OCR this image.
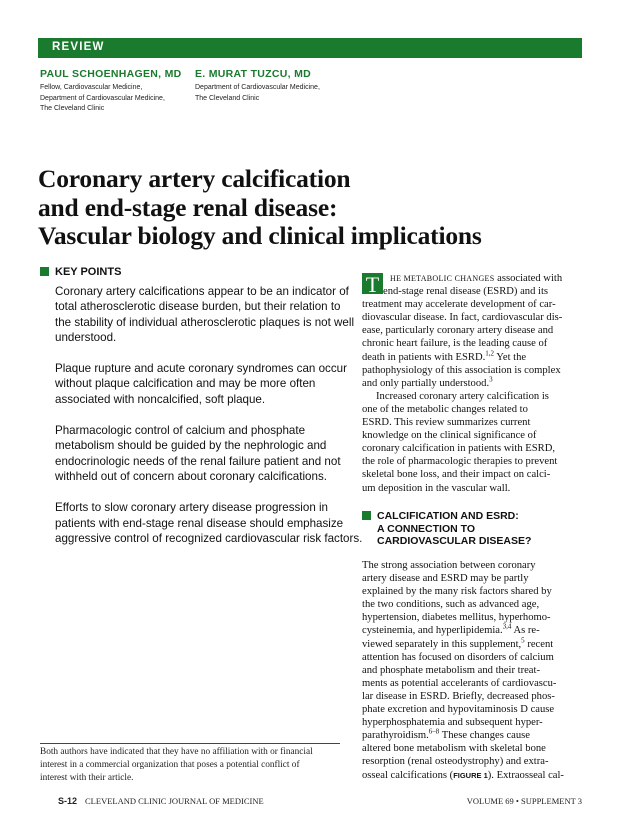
REVIEW
PAUL SCHOENHAGEN, MD
Fellow, Cardiovascular Medicine,
Department of Cardiovascular Medicine,
The Cleveland Clinic
E. MURAT TUZCU, MD
Department of Cardiovascular Medicine,
The Cleveland Clinic
Coronary artery calcification
and end-stage renal disease:
Vascular biology and clinical implications
KEY POINTS
Coronary artery calcifications appear to be an indicator of
total atherosclerotic disease burden, but their relation to
the stability of individual atherosclerotic plaques is not well
understood.
Plaque rupture and acute coronary syndromes can occur
without plaque calcification and may be more often
associated with noncalcified, soft plaque.
Pharmacologic control of calcium and phosphate
metabolism should be guided by the nephrologic and
endocrinologic needs of the renal failure patient and not
withheld out of concern about coronary calcifications.
Efforts to slow coronary artery disease progression in
patients with end-stage renal disease should emphasize
aggressive control of recognized cardiovascular risk factors.
Both authors have indicated that they have no affiliation with or financial
interest in a commercial organization that poses a potential conflict of
interest with their article.
T	HE METABOLIC CHANGES associated with
end-stage renal disease (ESRD) and its
treatment may accelerate development of car-
diovascular disease. In fact, cardiovascular dis-
ease, particularly coronary artery disease and
chronic heart failure, is the leading cause of
death in patients with ESRD.$^{1,2}$ Yet the
pathophysiology of this association is complex
and only partially understood.$^3$
Increased coronary artery calcification is
one of the metabolic changes related to
ESRD. This review summarizes current
knowledge on the clinical significance of
coronary calcification in patients with ESRD,
the role of pharmacologic therapies to prevent
skeletal bone loss, and their impact on calci-
um deposition in the vascular wall.
CALCIFICATION AND ESRD:
A CONNECTION TO
CARDIOVASCULAR DISEASE?
The strong association between coronary
artery disease and ESRD may be partly
explained by the many risk factors shared by
the two conditions, such as advanced age,
hypertension, diabetes mellitus, hyperhomo-
cysteinemia, and hyperlipidemia.$^{3,4}$ As re-
viewed separately in this supplement,$^5$ recent
attention has focused on disorders of calcium
and phosphate metabolism and their treat-
ments as potential accelerants of cardiovascu-
lar disease in ESRD. Briefly, decreased phos-
phate excretion and hypovitaminosis D cause
hyperphosphatemia and subsequent hyper-
parathyroidism.$^{6-8}$ These changes cause
altered bone metabolism with skeletal bone
resorption (renal osteodystrophy) and extra-
osseal calcifications (FIGURE 1). Extraosseal cal-
S-12 CLEVELAND CLINIC JOURNAL OF MEDICINE	VOLUME 69 • SUPPLEMENT 3
